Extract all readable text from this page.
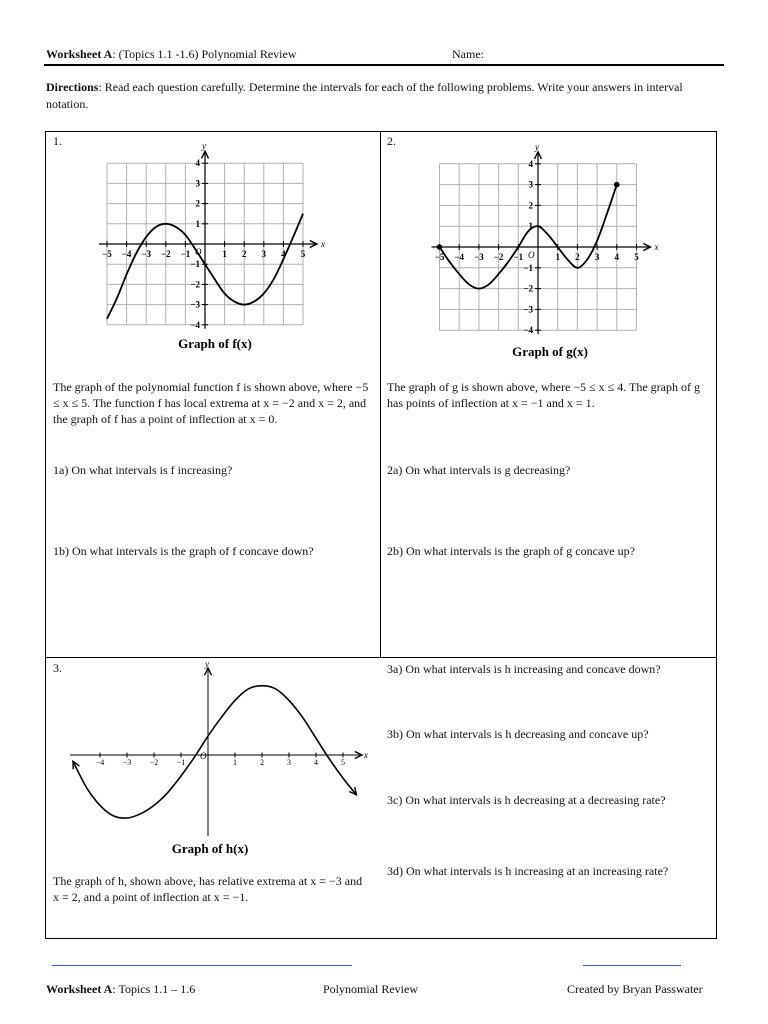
Worksheet A: (Topics 1.1 -1.6) Polynomial Review	Name:
Directions: Read each question carefully. Determine the intervals for each of the following problems. Write your answers in interval notation.
1.
x
y
O
−5 −4 −3 −2 −1	1 2 3 4 5
−4
−3
−2
−1
1
2
3
4
Graph of f(x)
The graph of the polynomial function f is shown above, where −5 ≤ x ≤ 5. The function f has local extrema at x = −2 and x = 2, and the graph of f has a point of inflection at x = 0.
1a) On what intervals is f increasing?
1b) On what intervals is the graph of f concave down?
2.
x
y
O
−5 −4 −3 −2 −1	1 2 3 4 5
−4
−3
−2
−1
1
2
3
4
Graph of g(x)
The graph of g is shown above, where −5 ≤ x ≤ 4. The graph of g has points of inflection at x = −1 and x = 1.
2a) On what intervals is g decreasing?
2b) On what intervals is the graph of g concave up?
3.
x
y
O
−4 −3 −2 −1	1	2	3	4	5
Graph of h(x)
The graph of h, shown above, has relative extrema at x = −3 and x = 2, and a point of inflection at x = −1.
3a) On what intervals is h increasing and concave down?
3b) On what intervals is h decreasing and concave up?
3c) On what intervals is h decreasing at a decreasing rate?
3d) On what intervals is h increasing at an increasing rate?
Worksheet A: Topics 1.1 – 1.6	Polynomial Review	Created by Bryan Passwater
